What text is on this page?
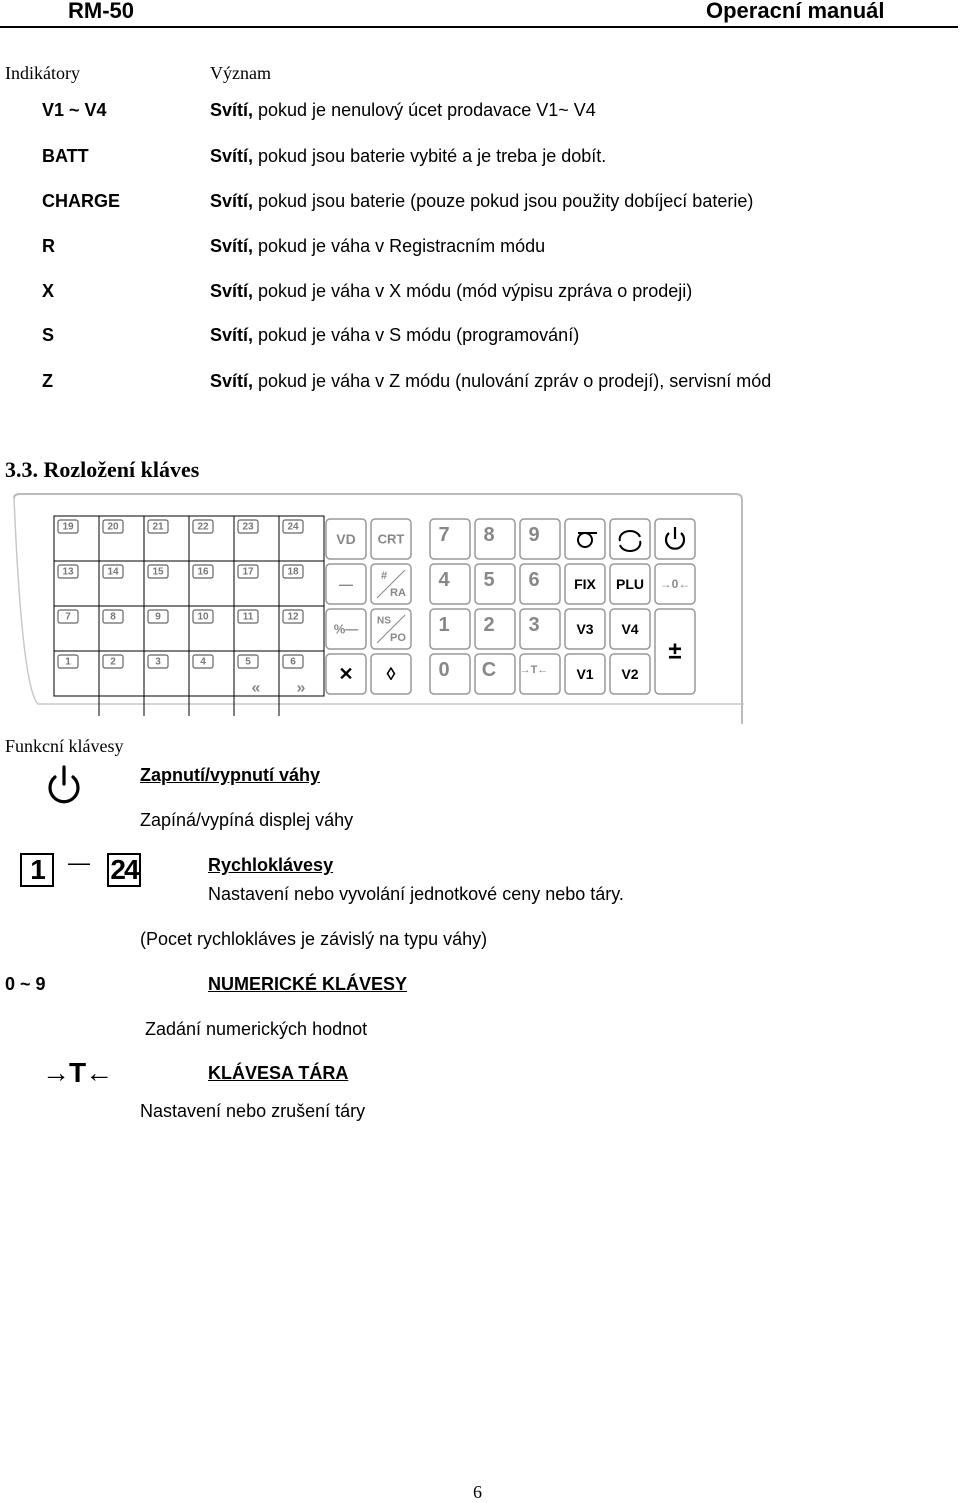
RM-50	Operacní manuál
Indikátory	Význam
V1 ~ V4	Svítí, pokud je nenulový úcet prodavace V1~ V4
BATT	Svítí, pokud jsou baterie vybité a je treba je dobít.
CHARGE	Svítí, pokud jsou baterie (pouze pokud jsou použity dobíjecí baterie)
R	Svítí, pokud je váha v Registracním módu
X	Svítí, pokud je váha v X módu (mód výpisu zpráva o prodeji)
S	Svítí, pokud je váha v S módu (programování)
Z	Svítí, pokud je váha v Z módu (nulování zpráv o prodejí), servisní mód
3.3. Rozložení kláves
19	20	21	22	23	24
13	14	15	16	17	18
7	8	9	10	11	12
1	2	3	4	5	6
« »
VD CRT
—	#
RA
%—
NS
PO
✕ ◊
7 8 9
4 5 6
1 2 3
0 C →T←
FIX PLU →0←
V3 V4
V1 V2
±
Funkcní klávesy
Zapnutí/vypnutí váhy
Zapíná/vypíná displej váhy
1	— 24	Rychloklávesy
Nastavení nebo vyvolání jednotkové ceny nebo táry.
(Pocet rychlokláves je závislý na typu váhy)
0 ~ 9	NUMERICKÉ KLÁVESY
Zadání numerických hodnot
→T←	KLÁVESA TÁRA
Nastavení nebo zrušení táry
6
